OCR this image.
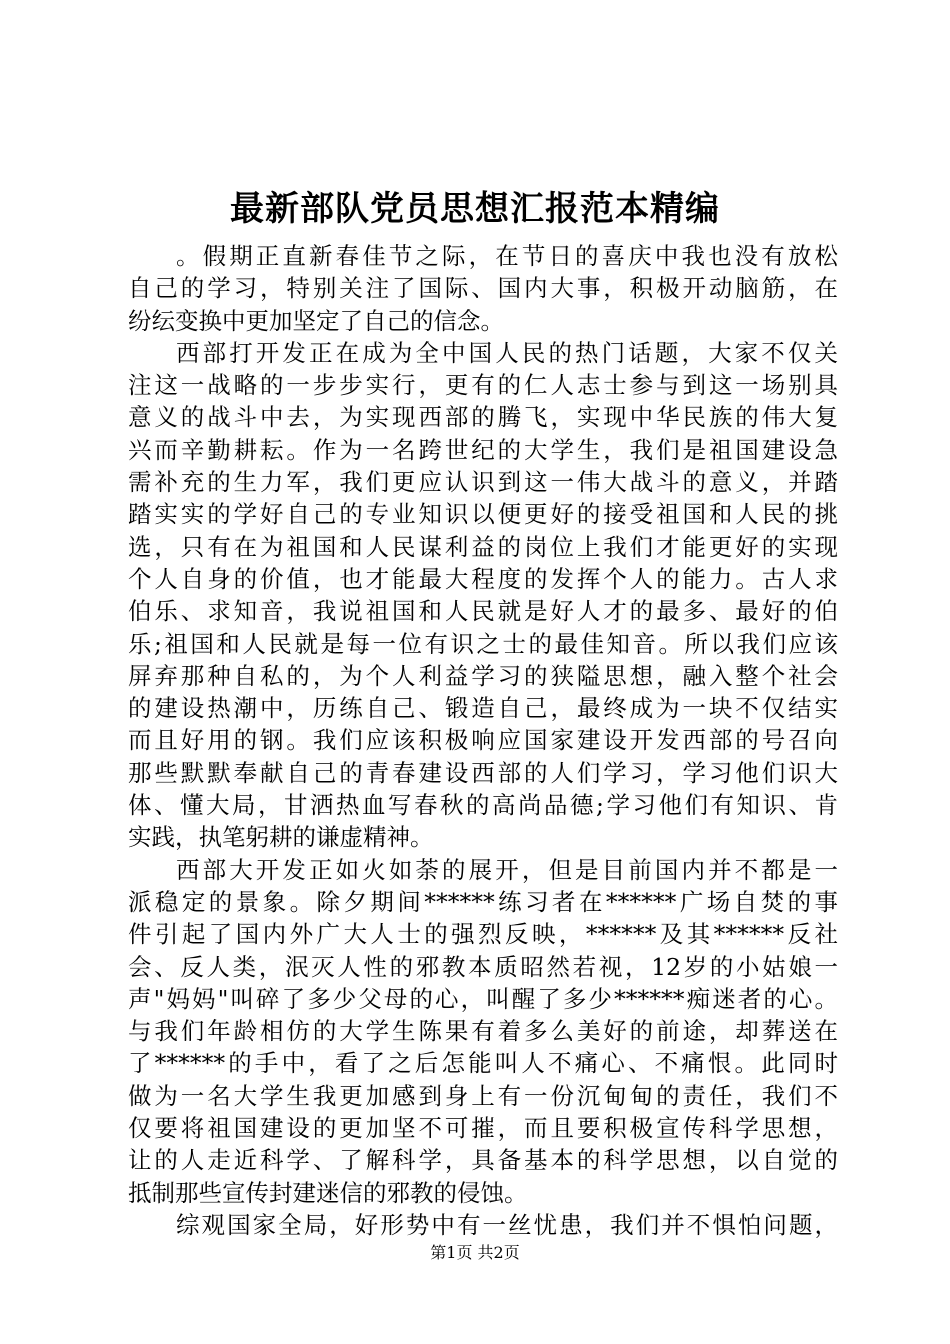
最新部队党员思想汇报范本精编
。假期正直新春佳节之际，在节日的喜庆中我也没有放松
自己的学习，特别关注了国际、国内大事，积极开动脑筋，在
纷纭变换中更加坚定了自己的信念。
西部打开发正在成为全中国人民的热门话题，大家不仅关
注这一战略的一步步实行，更有的仁人志士参与到这一场别具
意义的战斗中去，为实现西部的腾飞，实现中华民族的伟大复
兴而辛勤耕耘。作为一名跨世纪的大学生，我们是祖国建设急
需补充的生力军，我们更应认识到这一伟大战斗的意义，并踏
踏实实的学好自己的专业知识以便更好的接受祖国和人民的挑
选，只有在为祖国和人民谋利益的岗位上我们才能更好的实现
个人自身的价值，也才能最大程度的发挥个人的能力。古人求
伯乐、求知音，我说祖国和人民就是好人才的最多、最好的伯
乐;祖国和人民就是每一位有识之士的最佳知音。所以我们应该
屏弃那种自私的，为个人利益学习的狭隘思想，融入整个社会
的建设热潮中，历练自己、锻造自己，最终成为一块不仅结实
而且好用的钢。我们应该积极响应国家建设开发西部的号召向
那些默默奉献自己的青春建设西部的人们学习，学习他们识大
体、懂大局，甘洒热血写春秋的高尚品德;学习他们有知识、肯
实践，执笔躬耕的谦虚精神。
西部大开发正如火如荼的展开，但是目前国内并不都是一
派稳定的景象。除夕期间******练习者在******广场自焚的事
件引起了国内外广大人士的强烈反映，******及其******反社
会、反人类，泯灭人性的邪教本质昭然若视，12岁的小姑娘一
声"妈妈"叫碎了多少父母的心，叫醒了多少******痴迷者的心。
与我们年龄相仿的大学生陈果有着多么美好的前途，却葬送在
了******的手中，看了之后怎能叫人不痛心、不痛恨。此同时
做为一名大学生我更加感到身上有一份沉甸甸的责任，我们不
仅要将祖国建设的更加坚不可摧，而且要积极宣传科学思想，
让的人走近科学、了解科学，具备基本的科学思想，以自觉的
抵制那些宣传封建迷信的邪教的侵蚀。
综观国家全局，好形势中有一丝忧患，我们并不惧怕问题，
第1页 共2页
